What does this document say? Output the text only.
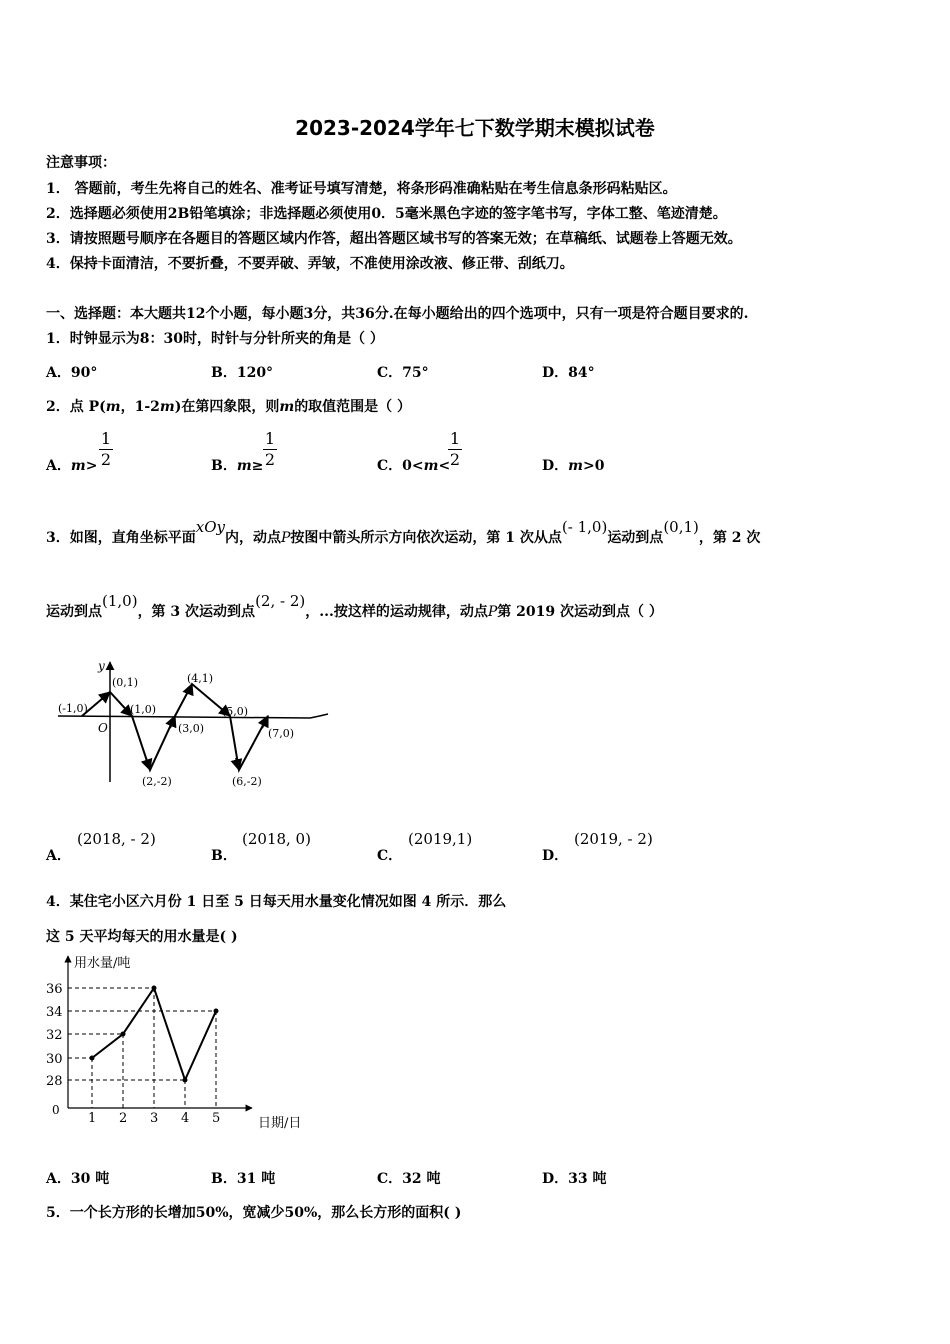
2023-2024学年七下数学期末模拟试卷
注意事项：
1． 答题前，考生先将自己的姓名、准考证号填写清楚，将条形码准确粘贴在考生信息条形码粘贴区。
2．选择题必须使用2B铅笔填涂；非选择题必须使用0．5毫米黑色字迹的签字笔书写，字体工整、笔迹清楚。
3．请按照题号顺序在各题目的答题区域内作答，超出答题区域书写的答案无效；在草稿纸、试题卷上答题无效。
4．保持卡面清洁，不要折叠，不要弄破、弄皱，不准使用涂改液、修正带、刮纸刀。
一、选择题：本大题共12个小题，每小题3分，共36分.在每小题给出的四个选项中，只有一项是符合题目要求的.
1．时钟显示为8：30时，时针与分针所夹的角是（ ）
A．90°	B．120°	C．75°	D．84°
2．点 P(m，1-2m)在第四象限，则m的取值范围是（ ）
A．m>
1
2	B．m≥
1
2	C．0<m<
1
2	D．m>0
3．如图，直角坐标平面xOy内，动点P按图中箭头所示方向依次运动，第 1 次从点(- 1,0)运动到点(0,1)，第 2 次
运动到点(1,0)，第 3 次运动到点(2, - 2)，...按这样的运动规律，动点P第 2019 次运动到点（ ）
y
O
(-1,0)
(0,1)
(1,0)
(2,-2)
(3,0)
(4,1)
(5,0)
(6,-2)
(7,0)
A．
(2018, - 2)
B．
(2018, 0)
C．
(2019,1)
D．
(2019, - 2)
4．某住宅小区六月份 1 日至 5 日每天用水量变化情况如图 4 所示．那么
这 5 天平均每天的用水量是( )
用水量/吨
日期/日
0
36
34
32
30
28
1 2 3 4 5
A．30 吨	B．31 吨	C．32 吨	D．33 吨
5．一个长方形的长增加50%，宽减少50%，那么长方形的面积( )
